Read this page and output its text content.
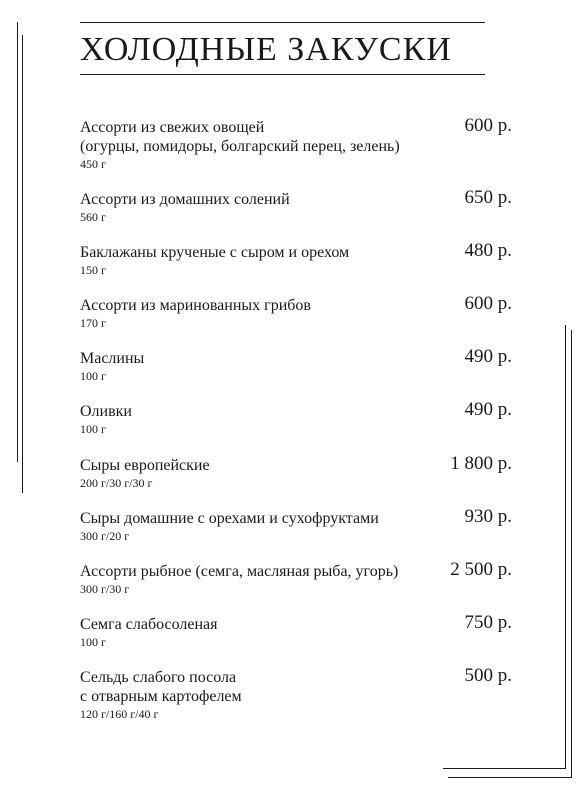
ХОЛОДНЫЕ ЗАКУСКИ
Ассорти из свежих овощей
(огурцы, помидоры, болгарский перец, зелень)
450 г
600 р.
Ассорти из домашних солений
560 г
650 р.
Баклажаны крученые с сыром и орехом
150 г
480 р.
Ассорти из маринованных грибов
170 г
600 р.
Маслины
100 г
490 р.
Оливки
100 г
490 р.
Сыры европейские
200 г/30 г/30 г
1 800 р.
Сыры домашние с орехами и сухофруктами
300 г/20 г
930 р.
Ассорти рыбное (семга, масляная рыба, угорь)
300 г/30 г
2 500 р.
Семга слабосоленая
100 г
750 р.
Сельдь слабого посола
с отварным картофелем
120 г/160 г/40 г
500 р.
